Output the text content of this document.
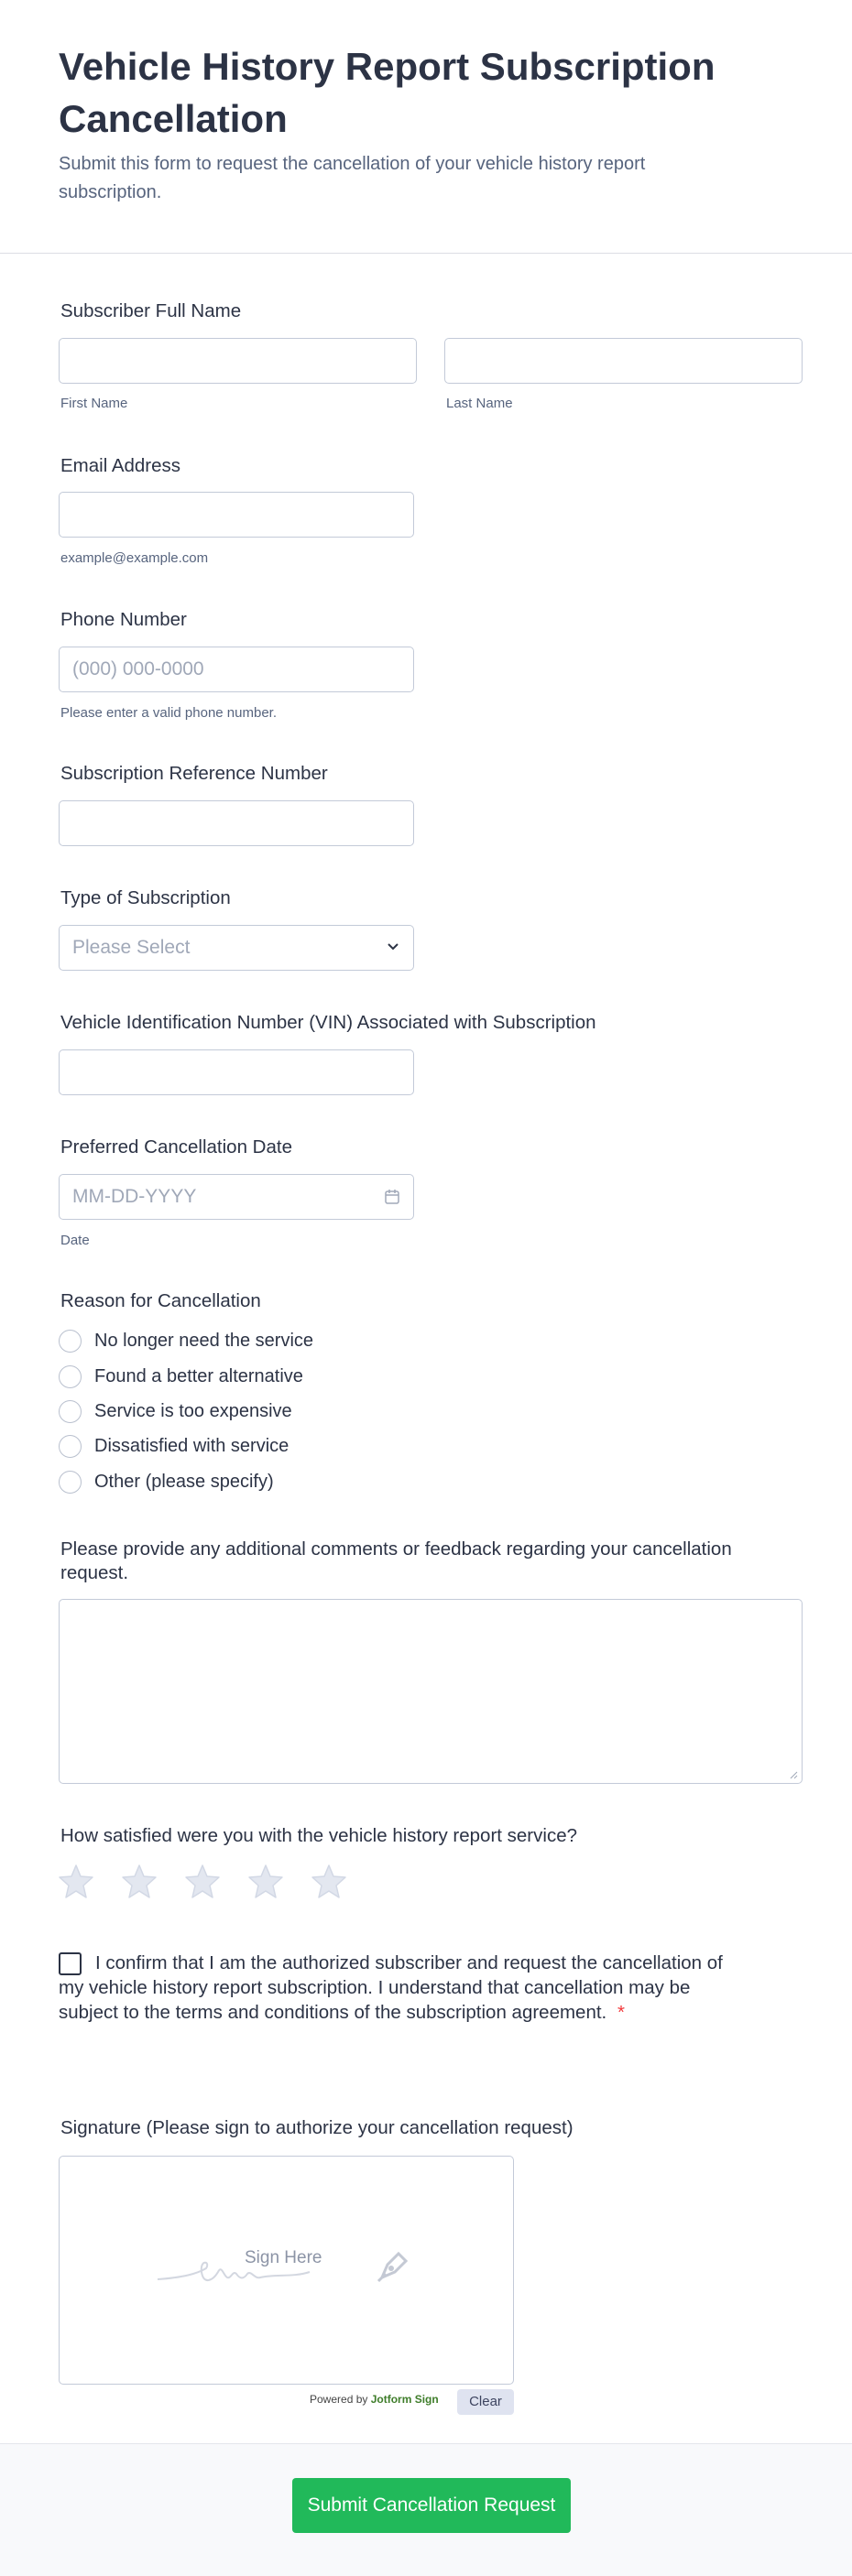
Vehicle History Report Subscription Cancellation
Submit this form to request the cancellation of your vehicle history report subscription.
Subscriber Full Name
First Name	Last Name
Email Address
example@example.com
Phone Number
(000) 000-0000
Please enter a valid phone number.
Subscription Reference Number
Type of Subscription
Please Select
Vehicle Identification Number (VIN) Associated with Subscription
Preferred Cancellation Date
MM-DD-YYYY
Date
Reason for Cancellation
No longer need the service
Found a better alternative
Service is too expensive
Dissatisfied with service
Other (please specify)
Please provide any additional comments or feedback regarding your cancellation request.
How satisfied were you with the vehicle history report service?
I confirm that I am the authorized subscriber and request the cancellation of my vehicle history report subscription. I understand that cancellation may be subject to the terms and conditions of the subscription agreement. *
Signature (Please sign to authorize your cancellation request)
Sign Here
Powered by Jotform Sign	Clear
Submit Cancellation Request
